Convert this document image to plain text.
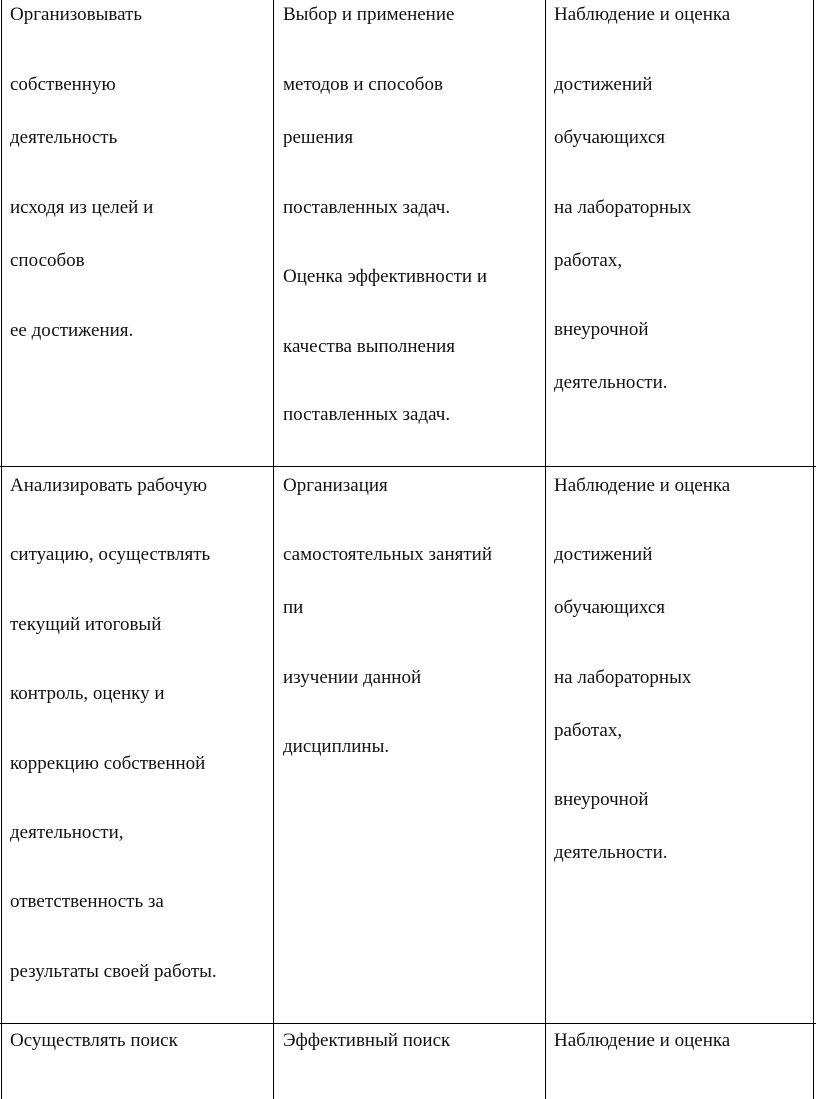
Организовывать
собственную
деятельность
исходя из целей и
способов
ее достижения.
Выбор и применение
методов и способов
решения
поставленных задач.
Оценка эффективности и
качества выполнения
поставленных задач.
Наблюдение и оценка
достижений
обучающихся
на лабораторных
работах,
внеурочной
деятельности.
Анализировать рабочую
ситуацию, осуществлять
текущий итоговый
контроль, оценку и
коррекцию собственной
деятельности,
ответственность за
результаты своей работы.
Организация
самостоятельных занятий
пи
изучении данной
дисциплины.
Наблюдение и оценка
достижений
обучающихся
на лабораторных
работах,
внеурочной
деятельности.
Осуществлять поиск	Эффективный поиск	Наблюдение и оценка
